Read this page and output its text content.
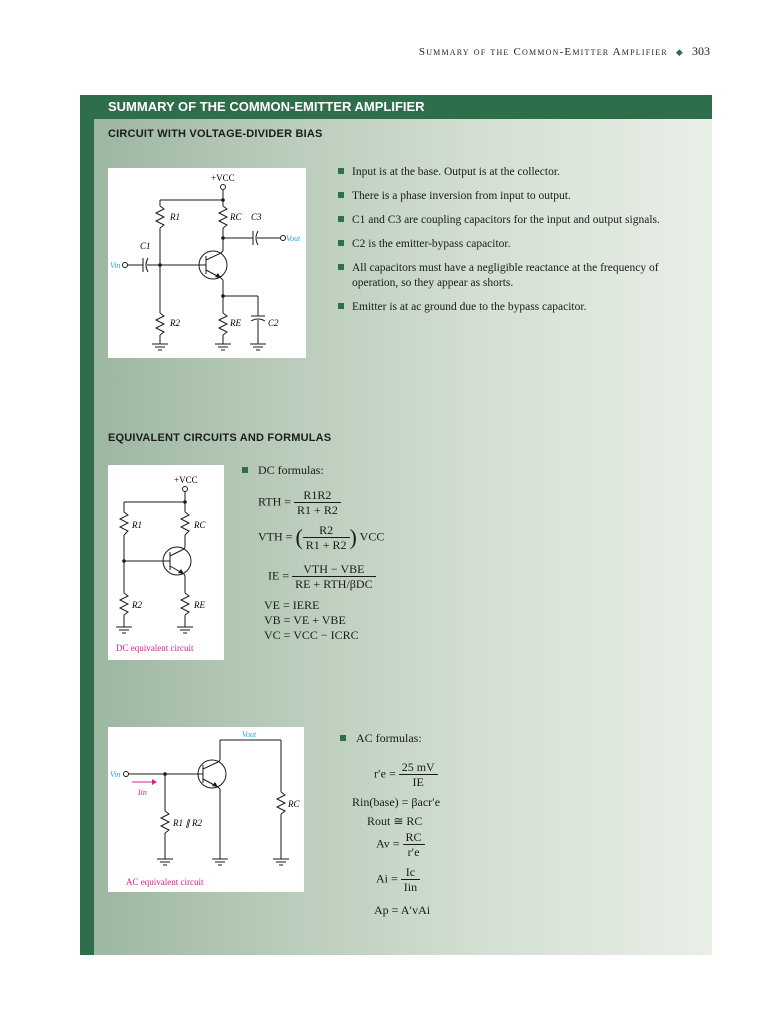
Summary of the Common-Emitter Amplifier ◆ 303
SUMMARY OF THE COMMON-EMITTER AMPLIFIER
CIRCUIT WITH VOLTAGE-DIVIDER BIAS
+VCC
R1	RC C3
Vout
C1
Vin
R2	RE	C2
Input is at the base. Output is at the collector.
There is a phase inversion from input to output.
C1 and C3 are coupling capacitors for the input and output signals.
C2 is the emitter-bypass capacitor.
All capacitors must have a negligible reactance at the frequency of operation, so they appear as shorts.
Emitter is at ac ground due to the bypass capacitor.
EQUIVALENT CIRCUITS AND FORMULAS
+VCC
R1	RC
R2	RE
DC equivalent circuit
DC formulas:
RTH = $\frac{R1R2}{R1 + R2}$
VTH = ( $\frac{R2}{R1 + R2}$ ) VCC
IE = $\frac{\text{VTH − VBE}}{\text{RE + RTH/βDC}}$
VE = IERE
VB = VE + VBE
VC = VCC − ICRC
Vin
Vout
Iin
R1 ∥ R2
RC
AC equivalent circuit
AC formulas:
$r'e = \frac{25 mV}{IE}$
Rin(base) = βacr′e
Rout ≅ RC
$Av = \frac{RC}{r'e}$
$Ai = \frac{Ic}{\text{Iin}}$
Ap = A′vAi
